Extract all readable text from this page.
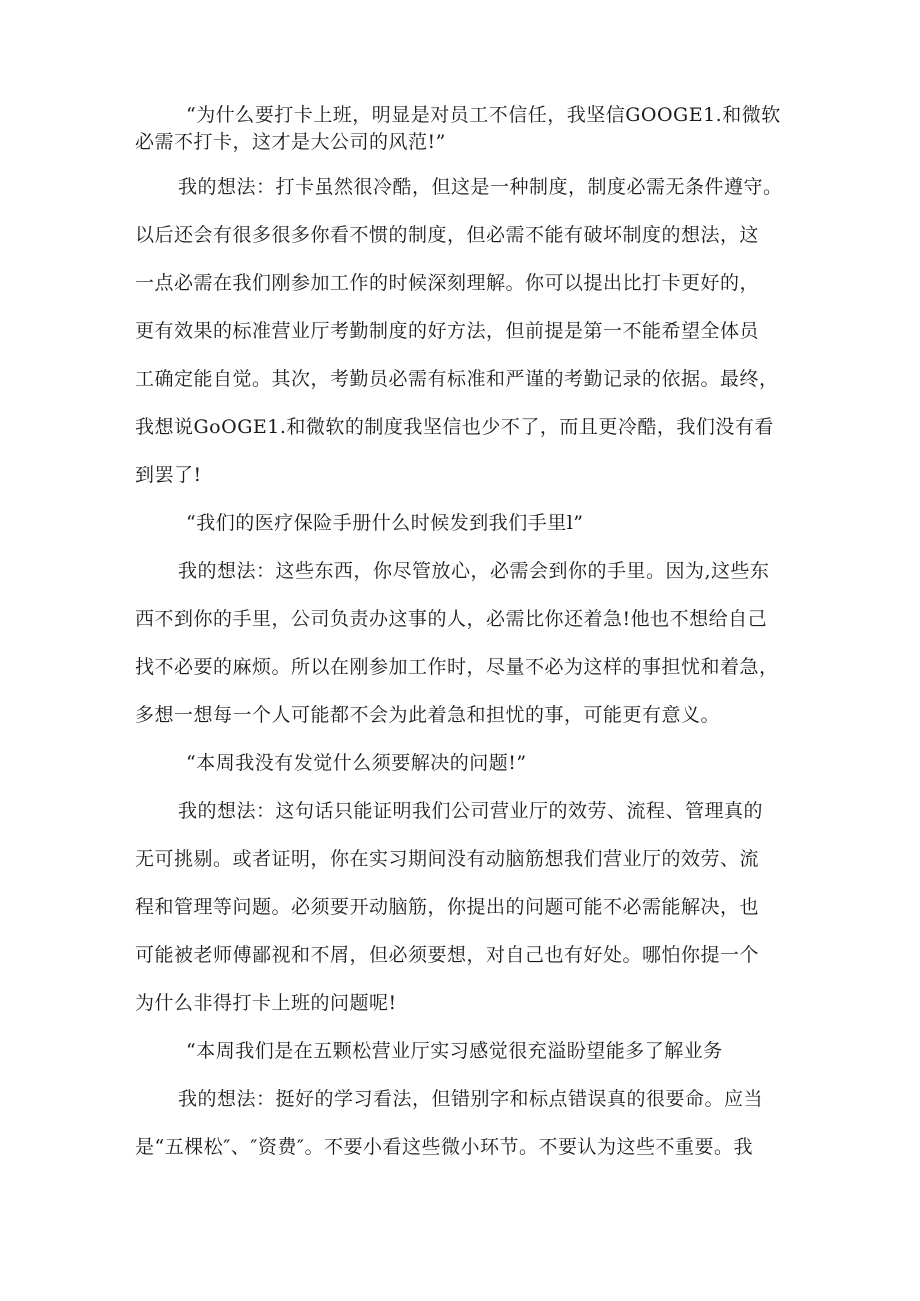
“为什么要打卡上班，明显是对员工不信任，我坚信GOOGE1.和微软
必需不打卡，这才是大公司的风范!”
我的想法：打卡虽然很冷酷，但这是一种制度，制度必需无条件遵守。
以后还会有很多很多你看不惯的制度，但必需不能有破坏制度的想法，这
一点必需在我们刚参加工作的时候深刻理解。你可以提出比打卡更好的，
更有效果的标准营业厅考勤制度的好方法，但前提是第一不能希望全体员
工确定能自觉。其次，考勤员必需有标准和严谨的考勤记录的依据。最终，
我想说GoOGE1.和微软的制度我坚信也少不了，而且更冷酷，我们没有看
到罢了!
“我们的医疗保险手册什么时候发到我们手里l”
我的想法：这些东西，你尽管放心，必需会到你的手里。因为,这些东
西不到你的手里，公司负责办这事的人，必需比你还着急!他也不想给自己
找不必要的麻烦。所以在刚参加工作时，尽量不必为这样的事担忧和着急，
多想一想每一个人可能都不会为此着急和担忧的事，可能更有意义。
“本周我没有发觉什么须要解决的问题!”
我的想法：这句话只能证明我们公司营业厅的效劳、流程、管理真的
无可挑剔。或者证明，你在实习期间没有动脑筋想我们营业厅的效劳、流
程和管理等问题。必须要开动脑筋，你提出的问题可能不必需能解决，也
可能被老师傅鄙视和不屑，但必须要想，对自己也有好处。哪怕你提一个
为什么非得打卡上班的问题呢!
“本周我们是在五颗松营业厅实习感觉很充溢盼望能多了解业务
我的想法：挺好的学习看法，但错别字和标点错误真的很要命。应当
是“五棵松″、″资费″。不要小看这些微小环节。不要认为这些不重要。我
